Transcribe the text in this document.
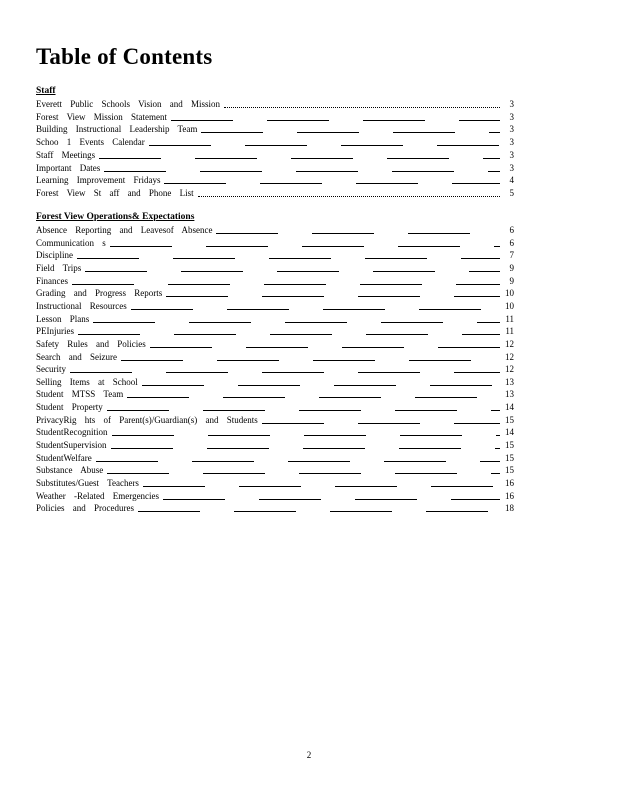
Table of Contents
Staff
Everett Public Schools Vision and Mission	3
Forest View Mission Statement	3
Building Instructional Leadership Team	3
Schoo 1 Events Calendar	3
Staff Meetings	3
Important Dates	3
Learning Improvement Fridays	4
Forest View St aff and Phone List	5
Forest View Operations& Expectations
Absence Reporting and Leavesof Absence	6
Communication s	6
Discipline	7
Field Trips	9
Finances	9
Grading and Progress Reports	10
Instructional Resources	10
Lesson Plans	11
PEInjuries	11
Safety Rules and Policies	12
Search and Seizure	12
Security	12
Selling Items at School	13
Student MTSS Team	13
Student Property	14
PrivacyRig hts of Parent(s)/Guardian(s) and Students	15
StudentRecognition	14
StudentSupervision	15
StudentWelfare	15
Substance Abuse	15
Substitutes/Guest Teachers	16
Weather -Related Emergencies	16
Policies and Procedures	18
2
